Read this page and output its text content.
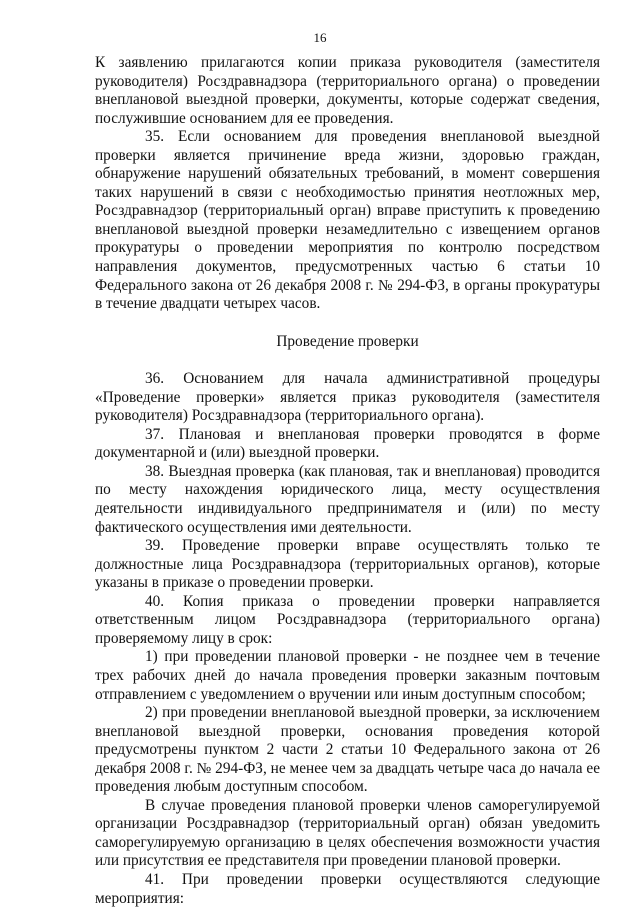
16

К заявлению прилагаются копии приказа руководителя (заместителя руководителя) Росздравнадзора (территориального органа) о проведении внеплановой выездной проверки, документы, которые содержат сведения, послужившие основанием для ее проведения.

35. Если основанием для проведения внеплановой выездной проверки является причинение вреда жизни, здоровью граждан, обнаружение нарушений обязательных требований, в момент совершения таких нарушений в связи с необходимостью принятия неотложных мер, Росздравнадзор (территориальный орган) вправе приступить к проведению внеплановой выездной проверки незамедлительно с извещением органов прокуратуры о проведении мероприятия по контролю посредством направления документов, предусмотренных частью 6 статьи 10 Федерального закона от 26 декабря 2008 г. № 294-ФЗ, в органы прокуратуры в течение двадцати четырех часов.

Проведение проверки

36. Основанием для начала административной процедуры «Проведение проверки» является приказ руководителя (заместителя руководителя) Росздравнадзора (территориального органа).

37. Плановая и внеплановая проверки проводятся в форме документарной и (или) выездной проверки.

38. Выездная проверка (как плановая, так и внеплановая) проводится по месту нахождения юридического лица, месту осуществления деятельности индивидуального предпринимателя и (или) по месту фактического осуществления ими деятельности.

39. Проведение проверки вправе осуществлять только те должностные лица Росздравнадзора (территориальных органов), которые указаны в приказе о проведении проверки.

40. Копия приказа о проведении проверки направляется ответственным лицом Росздравнадзора (территориального органа) проверяемому лицу в срок:

1) при проведении плановой проверки - не позднее чем в течение трех рабочих дней до начала проведения проверки заказным почтовым отправлением с уведомлением о вручении или иным доступным способом;

2) при проведении внеплановой выездной проверки, за исключением внеплановой выездной проверки, основания проведения которой предусмотрены пунктом 2 части 2 статьи 10 Федерального закона от 26 декабря 2008 г. № 294-ФЗ, не менее чем за двадцать четыре часа до начала ее проведения любым доступным способом.

В случае проведения плановой проверки членов саморегулируемой организации Росздравнадзор (территориальный орган) обязан уведомить саморегулируемую организацию в целях обеспечения возможности участия или присутствия ее представителя при проведении плановой проверки.

41. При проведении проверки осуществляются следующие мероприятия:
